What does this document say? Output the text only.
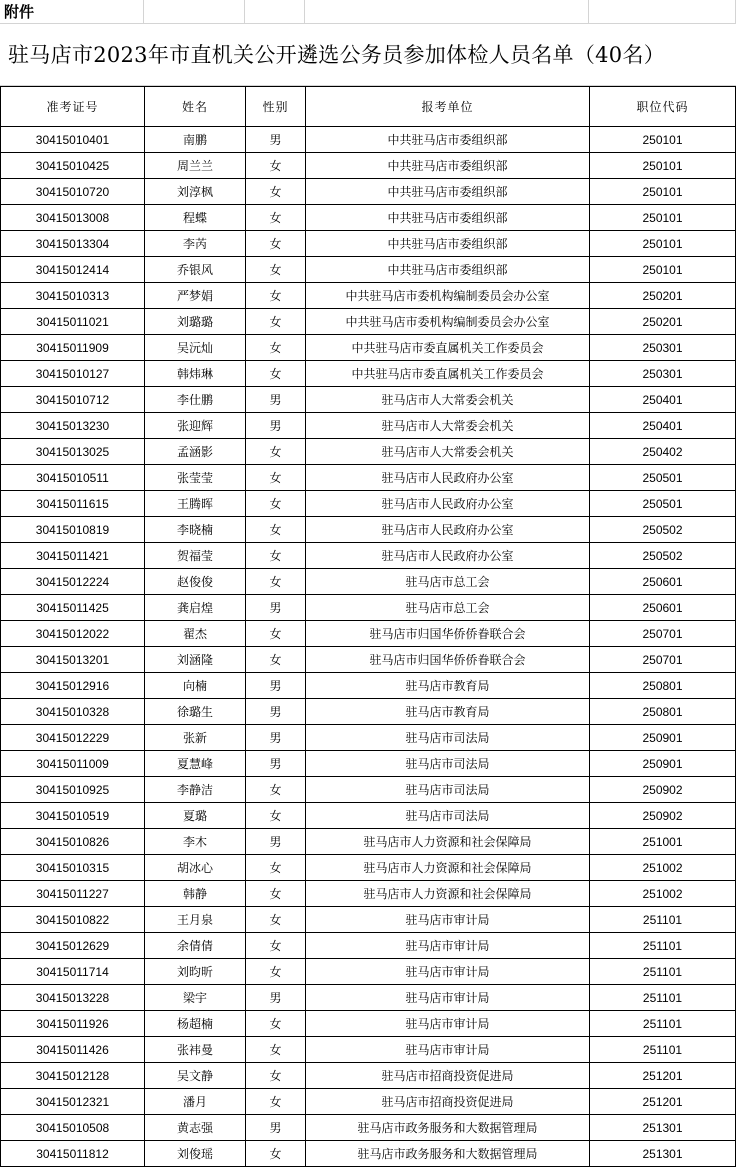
附件
驻马店市2023年市直机关公开遴选公务员参加体检人员名单（40名）
准考证号	姓名	性别	报考单位	职位代码
30415010401	南鹏	男	中共驻马店市委组织部	250101
30415010425	周兰兰	女	中共驻马店市委组织部	250101
30415010720	刘淳枫	女	中共驻马店市委组织部	250101
30415013008	程蝶	女	中共驻马店市委组织部	250101
30415013304	李芮	女	中共驻马店市委组织部	250101
30415012414	乔银风	女	中共驻马店市委组织部	250101
30415010313	严梦娟	女	中共驻马店市委机构编制委员会办公室	250201
30415011021	刘璐璐	女	中共驻马店市委机构编制委员会办公室	250201
30415011909	吴沅灿	女	中共驻马店市委直属机关工作委员会	250301
30415010127	韩炜琳	女	中共驻马店市委直属机关工作委员会	250301
30415010712	李仕鹏	男	驻马店市人大常委会机关	250401
30415013230	张迎辉	男	驻马店市人大常委会机关	250401
30415013025	孟涵影	女	驻马店市人大常委会机关	250402
30415010511	张莹莹	女	驻马店市人民政府办公室	250501
30415011615	王腾晖	女	驻马店市人民政府办公室	250501
30415010819	李晓楠	女	驻马店市人民政府办公室	250502
30415011421	贺福莹	女	驻马店市人民政府办公室	250502
30415012224	赵俊俊	女	驻马店市总工会	250601
30415011425	龚启煌	男	驻马店市总工会	250601
30415012022	翟杰	女	驻马店市归国华侨侨眷联合会	250701
30415013201	刘涵隆	女	驻马店市归国华侨侨眷联合会	250701
30415012916	向楠	男	驻马店市教育局	250801
30415010328	徐璐生	男	驻马店市教育局	250801
30415012229	张新	男	驻马店市司法局	250901
30415011009	夏慧峰	男	驻马店市司法局	250901
30415010925	李静洁	女	驻马店市司法局	250902
30415010519	夏璐	女	驻马店市司法局	250902
30415010826	李木	男	驻马店市人力资源和社会保障局	251001
30415010315	胡冰心	女	驻马店市人力资源和社会保障局	251002
30415011227	韩静	女	驻马店市人力资源和社会保障局	251002
30415010822	王月泉	女	驻马店市审计局	251101
30415012629	余倩倩	女	驻马店市审计局	251101
30415011714	刘昀昕	女	驻马店市审计局	251101
30415013228	梁宇	男	驻马店市审计局	251101
30415011926	杨超楠	女	驻马店市审计局	251101
30415011426	张袆曼	女	驻马店市审计局	251101
30415012128	吴文静	女	驻马店市招商投资促进局	251201
30415012321	潘月	女	驻马店市招商投资促进局	251201
30415010508	黄志强	男	驻马店市政务服务和大数据管理局	251301
30415011812	刘俊瑶	女	驻马店市政务服务和大数据管理局	251301
